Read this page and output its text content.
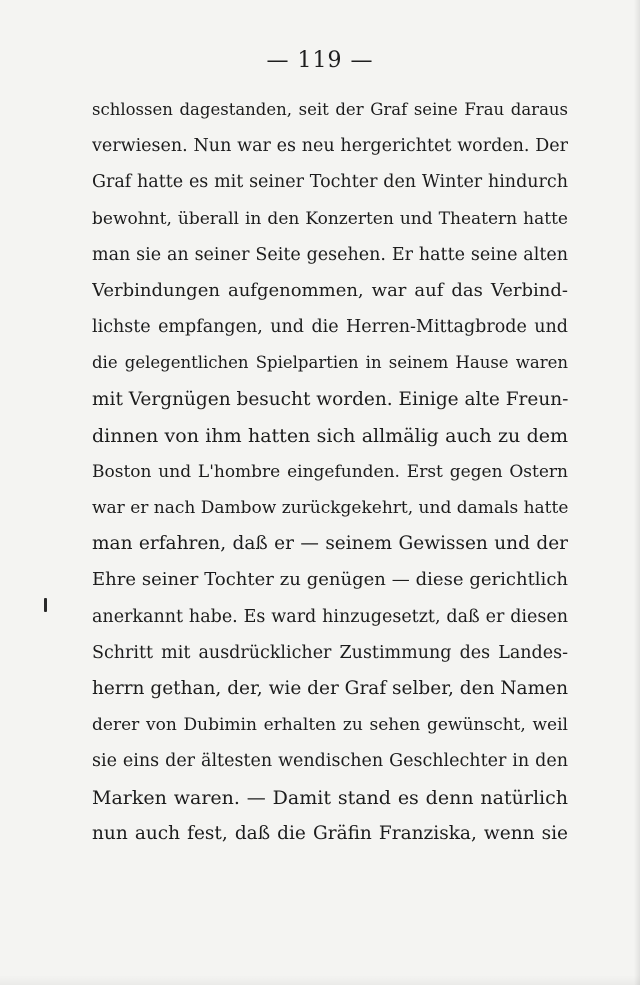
— 119 —
schlossen dagestanden, seit der Graf seine Frau daraus
verwiesen. Nun war es neu hergerichtet worden. Der
Graf hatte es mit seiner Tochter den Winter hindurch
bewohnt, überall in den Konzerten und Theatern hatte
man sie an seiner Seite gesehen. Er hatte seine alten
Verbindungen aufgenommen, war auf das Verbind-
lichste empfangen, und die Herren-Mittagbrode und
die gelegentlichen Spielpartien in seinem Hause waren
mit Vergnügen besucht worden. Einige alte Freun-
dinnen von ihm hatten sich allmälig auch zu dem
Boston und L'hombre eingefunden. Erst gegen Ostern
war er nach Dambow zurückgekehrt, und damals hatte
man erfahren, daß er — seinem Gewissen und der
Ehre seiner Tochter zu genügen — diese gerichtlich
anerkannt habe. Es ward hinzugesetzt, daß er diesen
Schritt mit ausdrücklicher Zustimmung des Landes-
herrn gethan, der, wie der Graf selber, den Namen
derer von Dubimin erhalten zu sehen gewünscht, weil
sie eins der ältesten wendischen Geschlechter in den
Marken waren. — Damit stand es denn natürlich
nun auch fest, daß die Gräfin Franziska, wenn sie
